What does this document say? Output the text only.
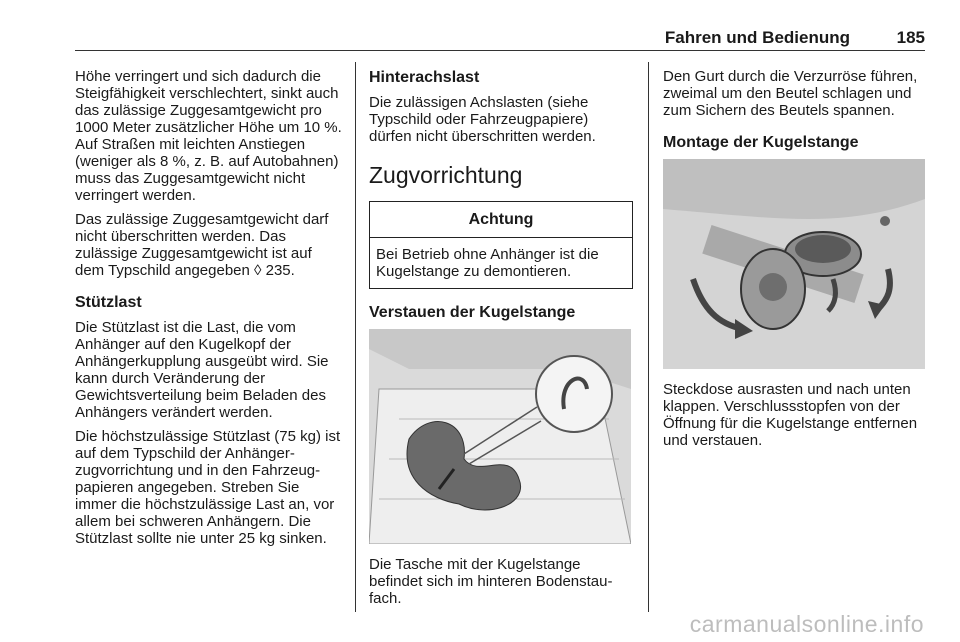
Fahren und Bedienung	185

Höhe verringert und sich dadurch die Steigfähigkeit verschlechtert, sinkt auch das zulässige Zuggesamtgewicht pro 1000 Meter zusätzlicher Höhe um 10 %. Auf Straßen mit leichten Anstiegen (weniger als 8 %, z. B. auf Autobahnen) muss das Zuggesamtgewicht nicht verringert werden.

Das zulässige Zuggesamtgewicht darf nicht überschritten werden. Das zulässige Zuggesamtgewicht ist auf dem Typschild angegeben ◊ 235.

Stützlast

Die Stützlast ist die Last, die vom Anhänger auf den Kugelkopf der Anhängerkupplung ausgeübt wird. Sie kann durch Veränderung der Gewichtsverteilung beim Beladen des Anhängers verändert werden.

Die höchstzulässige Stützlast (75 kg) ist auf dem Typschild der Anhängerzugvorrichtung und in den Fahrzeugpapieren angegeben. Streben Sie immer die höchstzulässige Last an, vor allem bei schweren Anhängern. Die Stützlast sollte nie unter 25 kg sinken.

Hinterachslast

Die zulässigen Achslasten (siehe Typschild oder Fahrzeugpapiere) dürfen nicht überschritten werden.

Zugvorrichtung
Achtung
Bei Betrieb ohne Anhänger ist die Kugelstange zu demontieren.
Verstauen der Kugelstange

Die Tasche mit der Kugelstange befindet sich im hinteren Bodenstaufach.

Den Gurt durch die Verzurröse führen, zweimal um den Beutel schlagen und zum Sichern des Beutels spannen.

Montage der Kugelstange

Steckdose ausrasten und nach unten klappen. Verschlussstopfen von der Öffnung für die Kugelstange entfernen und verstauen.

carmanualsonline.info
